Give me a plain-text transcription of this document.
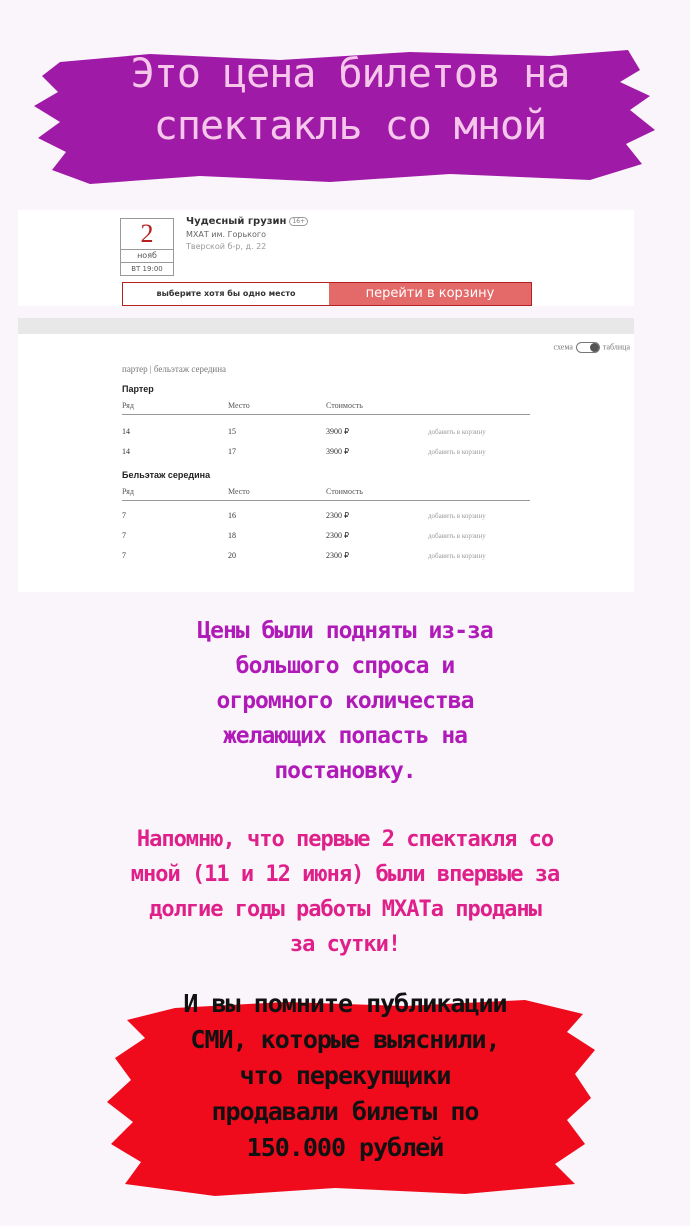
Это цена билетов на
спектакль со мной
2
нояб
ВТ 19:00
Чудесный грузин 16+
МХАТ им. Горького
Тверской б-р, д. 22
выберите хотя бы одно место	перейти в корзину
схема	таблица
партер | бельэтаж середина
Партер
Ряд	Место	Стоимость
14	15	3900 ₽	добавить в корзину
14	17	3900 ₽	добавить в корзину
Бельэтаж середина
Ряд	Место	Стоимость
7	16	2300 ₽	добавить в корзину
7	18	2300 ₽	добавить в корзину
7	20	2300 ₽	добавить в корзину
Цены были подняты из-за
большого спроса и
огромного количества
желающих попасть на
постановку.
Напомню, что первые 2 спектакля со
мной (11 и 12 июня) были впервые за
долгие годы работы МХАТа проданы
за сутки!
И вы помните публикации
СМИ, которые выяснили,
что перекупщики
продавали билеты по
150.000 рублей
